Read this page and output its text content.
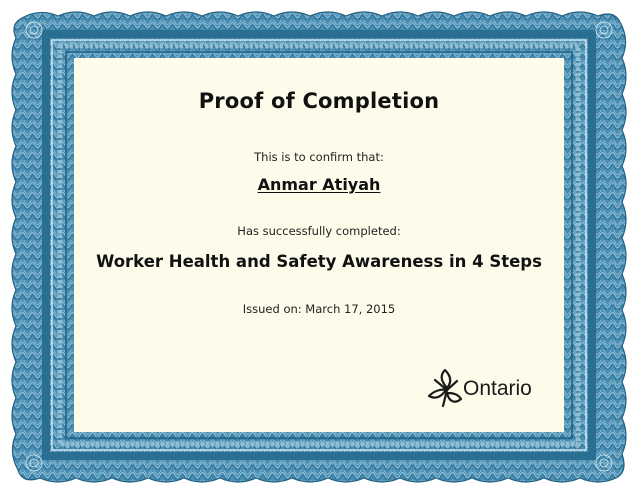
Proof of Completion
This is to confirm that:
Anmar Atiyah
Has successfully completed:
Worker Health and Safety Awareness in 4 Steps
Issued on: March 17, 2015
Ontario
